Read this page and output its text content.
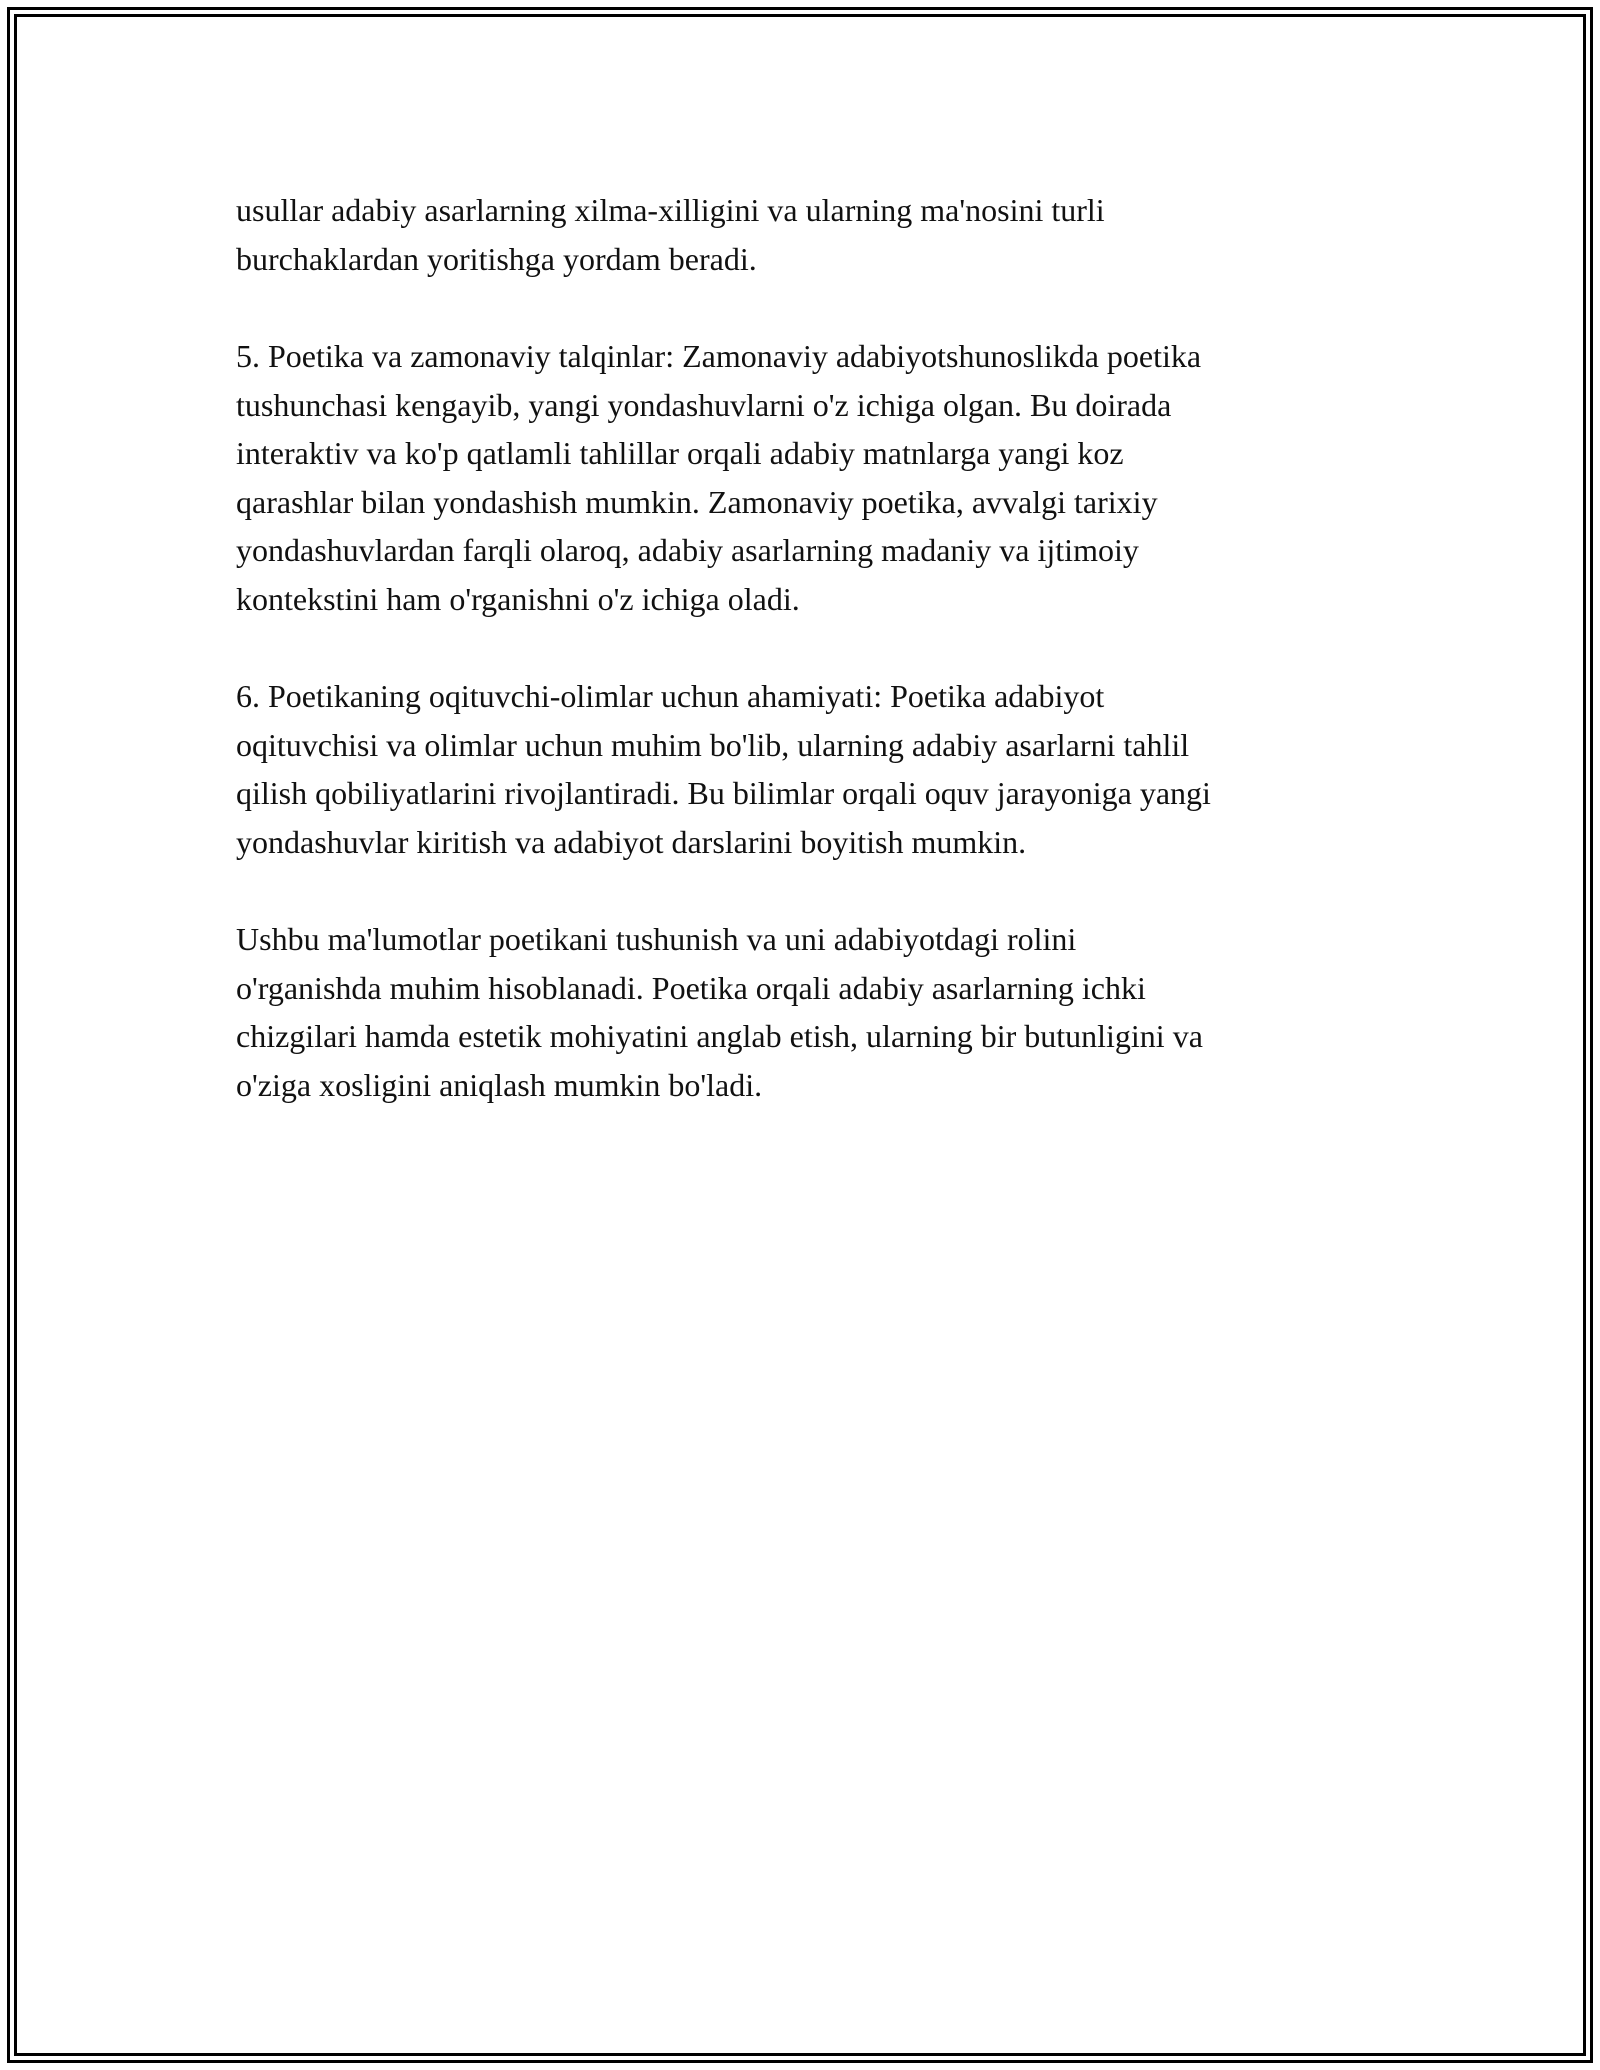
usullar adabiy asarlarning xilma-xilligini va ularning ma'nosini turli
burchaklardan yoritishga yordam beradi.

5. Poetika va zamonaviy talqinlar: Zamonaviy adabiyotshunoslikda poetika
tushunchasi kengayib, yangi yondashuvlarni o'z ichiga olgan. Bu doirada
interaktiv va ko'p qatlamli tahlillar orqali adabiy matnlarga yangi koz
qarashlar bilan yondashish mumkin. Zamonaviy poetika, avvalgi tarixiy
yondashuvlardan farqli olaroq, adabiy asarlarning madaniy va ijtimoiy
kontekstini ham o'rganishni o'z ichiga oladi.

6. Poetikaning oqituvchi-olimlar uchun ahamiyati: Poetika adabiyot
oqituvchisi va olimlar uchun muhim bo'lib, ularning adabiy asarlarni tahlil
qilish qobiliyatlarini rivojlantiradi. Bu bilimlar orqali oquv jarayoniga yangi
yondashuvlar kiritish va adabiyot darslarini boyitish mumkin.

Ushbu ma'lumotlar poetikani tushunish va uni adabiyotdagi rolini
o'rganishda muhim hisoblanadi. Poetika orqali adabiy asarlarning ichki
chizgilari hamda estetik mohiyatini anglab etish, ularning bir butunligini va
o'ziga xosligini aniqlash mumkin bo'ladi.
